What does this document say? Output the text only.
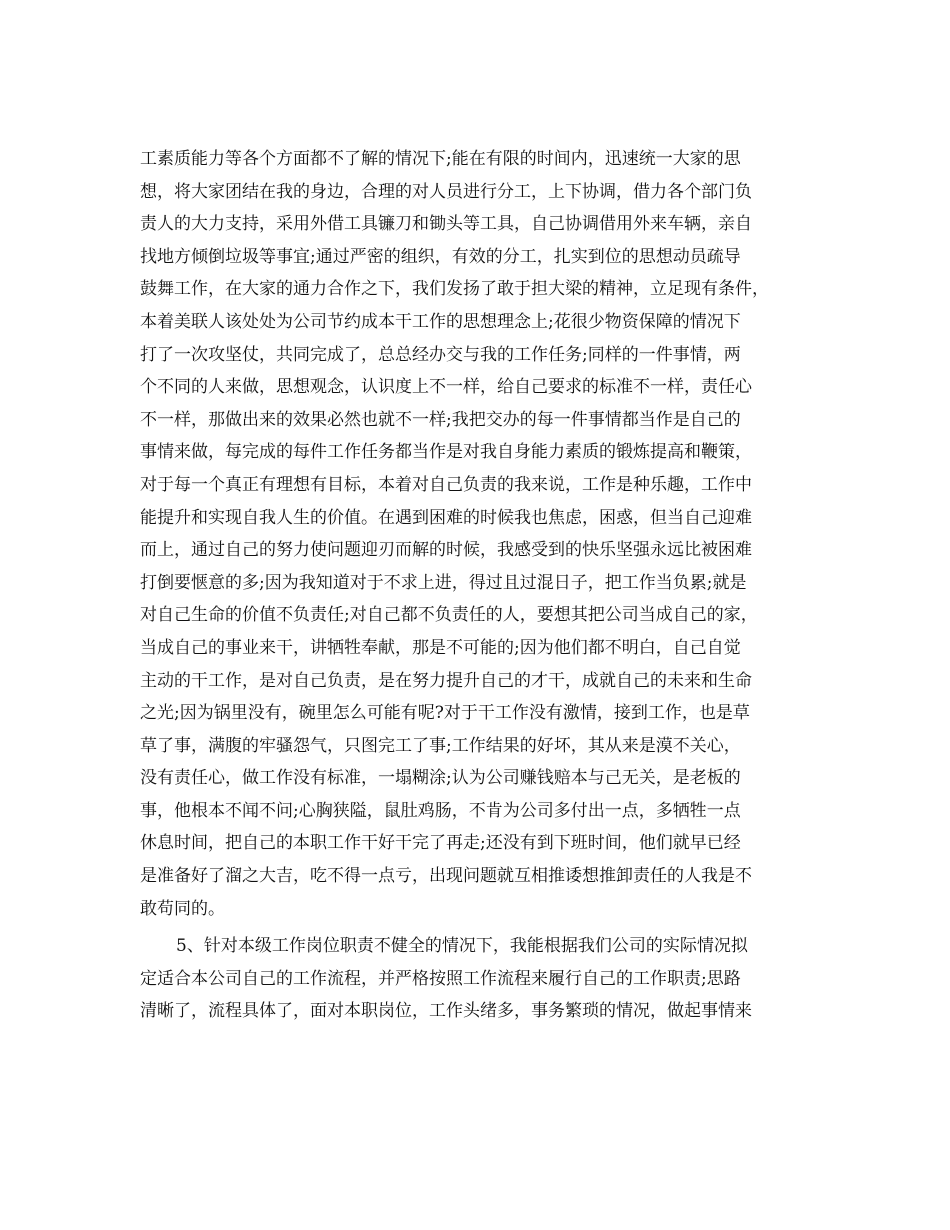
工素质能力等各个方面都不了解的情况下;能在有限的时间内，迅速统一大家的思
想，将大家团结在我的身边，合理的对人员进行分工，上下协调，借力各个部门负
责人的大力支持，采用外借工具镰刀和锄头等工具，自己协调借用外来车辆，亲自
找地方倾倒垃圾等事宜;通过严密的组织，有效的分工，扎实到位的思想动员疏导
鼓舞工作，在大家的通力合作之下，我们发扬了敢于担大梁的精神，立足现有条件，
本着美联人该处处为公司节约成本干工作的思想理念上;花很少物资保障的情况下
打了一次攻坚仗，共同完成了，总总经办交与我的工作任务;同样的一件事情，两
个不同的人来做，思想观念，认识度上不一样，给自己要求的标准不一样，责任心
不一样，那做出来的效果必然也就不一样;我把交办的每一件事情都当作是自己的
事情来做，每完成的每件工作任务都当作是对我自身能力素质的锻炼提高和鞭策，
对于每一个真正有理想有目标，本着对自己负责的我来说，工作是种乐趣，工作中
能提升和实现自我人生的价值。在遇到困难的时候我也焦虑，困惑，但当自己迎难
而上，通过自己的努力使问题迎刃而解的时候，我感受到的快乐坚强永远比被困难
打倒要惬意的多;因为我知道对于不求上进，得过且过混日子，把工作当负累;就是
对自己生命的价值不负责任;对自己都不负责任的人，要想其把公司当成自己的家，
当成自己的事业来干，讲牺牲奉献，那是不可能的;因为他们都不明白，自己自觉
主动的干工作，是对自己负责，是在努力提升自己的才干，成就自己的未来和生命
之光;因为锅里没有，碗里怎么可能有呢?对于干工作没有激情，接到工作，也是草
草了事，满腹的牢骚怨气，只图完工了事;工作结果的好坏，其从来是漠不关心，
没有责任心，做工作没有标准，一塌糊涂;认为公司赚钱赔本与己无关，是老板的
事，他根本不闻不问;心胸狭隘，鼠肚鸡肠，不肯为公司多付出一点，多牺牲一点
休息时间，把自己的本职工作干好干完了再走;还没有到下班时间，他们就早已经
是准备好了溜之大吉，吃不得一点亏，出现问题就互相推诿想推卸责任的人我是不
敢苟同的。
5、针对本级工作岗位职责不健全的情况下，我能根据我们公司的实际情况拟
定适合本公司自己的工作流程，并严格按照工作流程来履行自己的工作职责;思路
清晰了，流程具体了，面对本职岗位，工作头绪多，事务繁琐的情况，做起事情来
